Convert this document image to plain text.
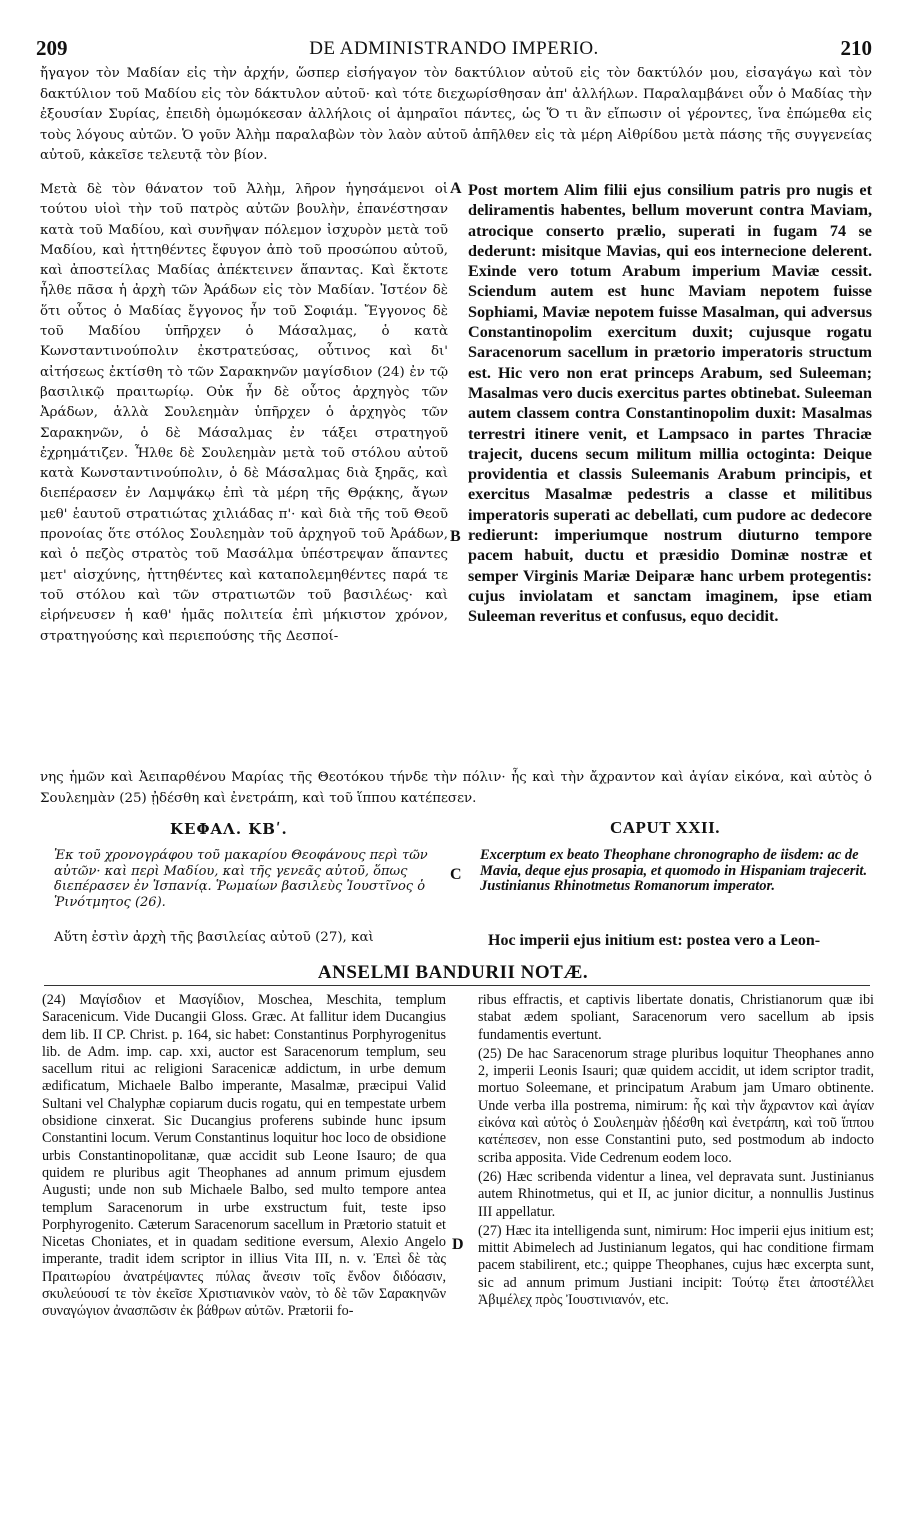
209	DE ADMINISTRANDO IMPERIO.	210

ἤγαγον τὸν Μαδίαν εἰς τὴν ἀρχήν, ὥσπερ εἰσήγαγον τὸν δακτύλιον αὐτοῦ εἰς τὸν δακτύλόν μου, εἰσαγάγω καὶ τὸν δακτύλιον τοῦ Μαδίου εἰς τὸν δάκτυλον αὐτοῦ· καὶ τότε διεχωρίσθησαν ἀπ' ἀλλήλων. Παραλαμβάνει οὖν ὁ Μαδίας τὴν ἐξουσίαν Συρίας, ἐπειδὴ ὁμωμόκεσαν ἀλλήλοις οἱ ἀμηραῖοι πάντες, ὡς Ὅ τι ἂν εἴπωσιν οἱ γέροντες, ἵνα ἐπώμεθα εἰς τοὺς λόγους αὐτῶν. Ὁ γοῦν Ἀλὴμ παραλαβὼν τὸν λαὸν αὐτοῦ ἀπῆλθεν εἰς τὰ μέρη Αἰθρίδου μετὰ πάσης τῆς συγγενείας αὐτοῦ, κἀκεῖσε τελευτᾷ τὸν βίον.

Μετὰ δὲ τὸν θάνατον τοῦ Ἀλὴμ, λῆρον ἡγησάμενοι οἱ τούτου υἱοὶ τὴν τοῦ πατρὸς αὐτῶν βουλὴν, ἐπανέστησαν κατὰ τοῦ Μαδίου, καὶ συνῆψαν πόλεμον ἰσχυρὸν μετὰ τοῦ Μαδίου, καὶ ἡττηθέντες ἔφυγον ἀπὸ τοῦ προσώπου αὐτοῦ, καὶ ἀποστείλας Μαδίας ἀπέκτεινεν ἅπαντας. Καὶ ἔκτοτε ἦλθε πᾶσα ἡ ἀρχὴ τῶν Ἀράδων εἰς τὸν Μαδίαν. Ἰστέον δὲ ὅτι οὗτος ὁ Μαδίας ἔγγονος ἦν τοῦ Σοφιάμ. Ἔγγονος δὲ τοῦ Μαδίου ὑπῆρχεν ὁ Μάσαλμας, ὁ κατὰ Κωνσταντινούπολιν ἐκστρατεύσας, οὗτινος καὶ δι' αἰτήσεως ἐκτίσθη τὸ τῶν Σαρακηνῶν μαγίσδιον (24) ἐν τῷ βασιλικῷ πραιτωρίῳ. Οὐκ ἦν δὲ οὗτος ἀρχηγὸς τῶν Ἀράδων, ἀλλὰ Σουλεημὰν ὑπῆρχεν ὁ ἀρχηγὸς τῶν Σαρακηνῶν, ὁ δὲ Μάσαλμας ἐν τάξει στρατηγοῦ ἐχρημάτιζεν. Ἦλθε δὲ Σουλεημὰν μετὰ τοῦ στόλου αὐτοῦ κατὰ Κωνσταντινούπολιν, ὁ δὲ Μάσαλμας διὰ ξηρᾶς, καὶ διεπέρασεν ἐν Λαμψάκῳ ἐπὶ τὰ μέρη τῆς Θρᾴκης, ἄγων μεθ' ἑαυτοῦ στρατιώτας χιλιάδας π'· καὶ διὰ τῆς τοῦ Θεοῦ προνοίας ὅτε στόλος Σουλεημὰν τοῦ ἀρχηγοῦ τοῦ Ἀράδων, καὶ ὁ πεζὸς στρατὸς τοῦ Μασάλμα ὑπέστρεψαν ἅπαντες μετ' αἰσχύνης, ἡττηθέντες καὶ καταπολεμηθέντες παρά τε τοῦ στόλου καὶ τῶν στρατιωτῶν τοῦ βασιλέως· καὶ εἰρήνευσεν ἡ καθ' ἡμᾶς πολιτεία ἐπὶ μήκιστον χρόνον, στρατηγούσης καὶ περιεπούσης τῆς Δεσποί-

Post mortem Alim filii ejus consilium patris pro nugis et deliramentis habentes, bellum moverunt contra Maviam, atrocique conserto prælio, superati in fugam 74 se dederunt: misitque Mavias, qui eos internecione delerent. Exinde vero totum Arabum imperium Maviæ cessit. Sciendum autem est hunc Maviam nepotem fuisse Sophiami, Maviæ nepotem fuisse Masalman, qui adversus Constantinopolim exercitum duxit; cujusque rogatu Saracenorum sacellum in prætorio imperatoris structum est. Hic vero non erat princeps Arabum, sed Suleeman; Masalmas vero ducis exercitus partes obtinebat. Suleeman autem classem contra Constantinopolim duxit: Masalmas terrestri itinere venit, et Lampsaco in partes Thraciæ trajecit, ducens secum militum millia octoginta: Deique providentia et classis Suleemanis Arabum principis, et exercitus Masalmæ pedestris a classe et militibus imperatoris superati ac debellati, cum pudore ac dedecore redierunt: imperiumque nostrum diuturno tempore pacem habuit, ductu et præsidio Dominæ nostræ et semper Virginis Mariæ Deiparæ hanc urbem protegentis: cujus inviolatam et sanctam imaginem, ipse etiam Suleeman reveritus et confusus, equo decidit.

A
B
C
D

νης ἡμῶν καὶ Ἀειπαρθένου Μαρίας τῆς Θεοτόκου τήνδε τὴν πόλιν· ἧς καὶ τὴν ἄχραντον καὶ ἁγίαν εἰκόνα, καὶ αὐτὸς ὁ Σουλεημὰν (25) ᾐδέσθη καὶ ἐνετράπη, καὶ τοῦ ἵππου κατέπεσεν.

ΚΕΦΑΛ. ΚΒʹ.	CAPUT XXII.

Ἐκ τοῦ χρονογράφου τοῦ μακαρίου Θεοφάνους περὶ τῶν αὐτῶν· καὶ περὶ Μαδίου, καὶ τῆς γενεᾶς αὐτοῦ, ὅπως διεπέρασεν ἐν Ἰσπανίᾳ. Ῥωμαίων βασιλεὺς Ἰουστῖνος ὁ Ῥινότμητος (26).

Excerptum ex beato Theophane chronographo de iisdem: ac de Mavia, deque ejus prosapia, et quomodo in Hispaniam trajecerit. Justinianus Rhinotmetus Romanorum imperator.

Αὕτη ἐστὶν ἀρχὴ τῆς βασιλείας αὐτοῦ (27), καὶ	Hoc imperii ejus initium est: postea vero a Leon-
ANSELMI BANDURII NOTÆ.

(24) Μαγίσδιον et Μασγίδιον, Moschea, Meschita, templum Saracenicum. Vide Ducangii Gloss. Græc. At fallitur idem Ducangius dem lib. II CP. Christ. p. 164, sic habet: Constantinus Porphyrogenitus lib. de Adm. imp. cap. xxi, auctor est Saracenorum templum, seu sacellum ritui ac religioni Saracenicæ addictum, in urbe demum ædificatum, Michaele Balbo imperante, Masalmæ, præcipui Valid Sultani vel Chalyphæ copiarum ducis rogatu, qui en tempestate urbem obsidione cinxerat. Sic Ducangius proferens subinde hunc ipsum Constantini locum. Verum Constantinus loquitur hoc loco de obsidione urbis Constantinopolitanæ, quæ accidit sub Leone Isauro; de qua quidem re pluribus agit Theophanes ad annum primum ejusdem Augusti; unde non sub Michaele Balbo, sed multo tempore antea templum Saracenorum in urbe exstructum fuit, teste ipso Porphyrogenito. Cæterum Saracenorum sacellum in Prætorio statuit et Nicetas Choniates, et in quadam seditione eversum, Alexio Angelo imperante, tradit idem scriptor in illius Vita III, n. v. Ἐπεὶ δὲ τὰς Πραιτωρίου ἀνατρέψαντες πύλας ἄνεσιν τοῖς ἔνδον διδόασιν, σκυλεύουσί τε τὸν ἐκεῖσε Χριστιανικὸν ναὸν, τὸ δὲ τῶν Σαρακηνῶν συναγώγιον ἀνασπῶσιν ἐκ βάθρων αὐτῶν. Prætorii fo-

ribus effractis, et captivis libertate donatis, Christianorum quæ ibi stabat ædem spoliant, Saracenorum vero sacellum ab ipsis fundamentis evertunt.

(25) De hac Saracenorum strage pluribus loquitur Theophanes anno 2, imperii Leonis Isauri; quæ quidem accidit, ut idem scriptor tradit, mortuo Soleemane, et principatum Arabum jam Umaro obtinente. Unde verba illa postrema, nimirum: ἧς καὶ τὴν ἄχραντον καὶ ἁγίαν εἰκόνα καὶ αὐτὸς ὁ Σουλεημὰν ᾐδέσθη καὶ ἐνετράπη, καὶ τοῦ ἵππου κατέπεσεν, non esse Constantini puto, sed postmodum ab indocto scriba apposita. Vide Cedrenum eodem loco.

(26) Hæc scribenda videntur a linea, vel depravata sunt. Justinianus autem Rhinotmetus, qui et II, ac junior dicitur, a nonnullis Justinus III appellatur.

(27) Hæc ita intelligenda sunt, nimirum: Hoc imperii ejus initium est; mittit Abimelech ad Justinianum legatos, qui hac conditione firmam pacem stabilirent, etc.; quippe Theophanes, cujus hæc excerpta sunt, sic ad annum primum Justiani incipit: Τούτῳ ἔτει ἀποστέλλει Ἀβιμέλεχ πρὸς Ἰουστινιανόν, etc.
